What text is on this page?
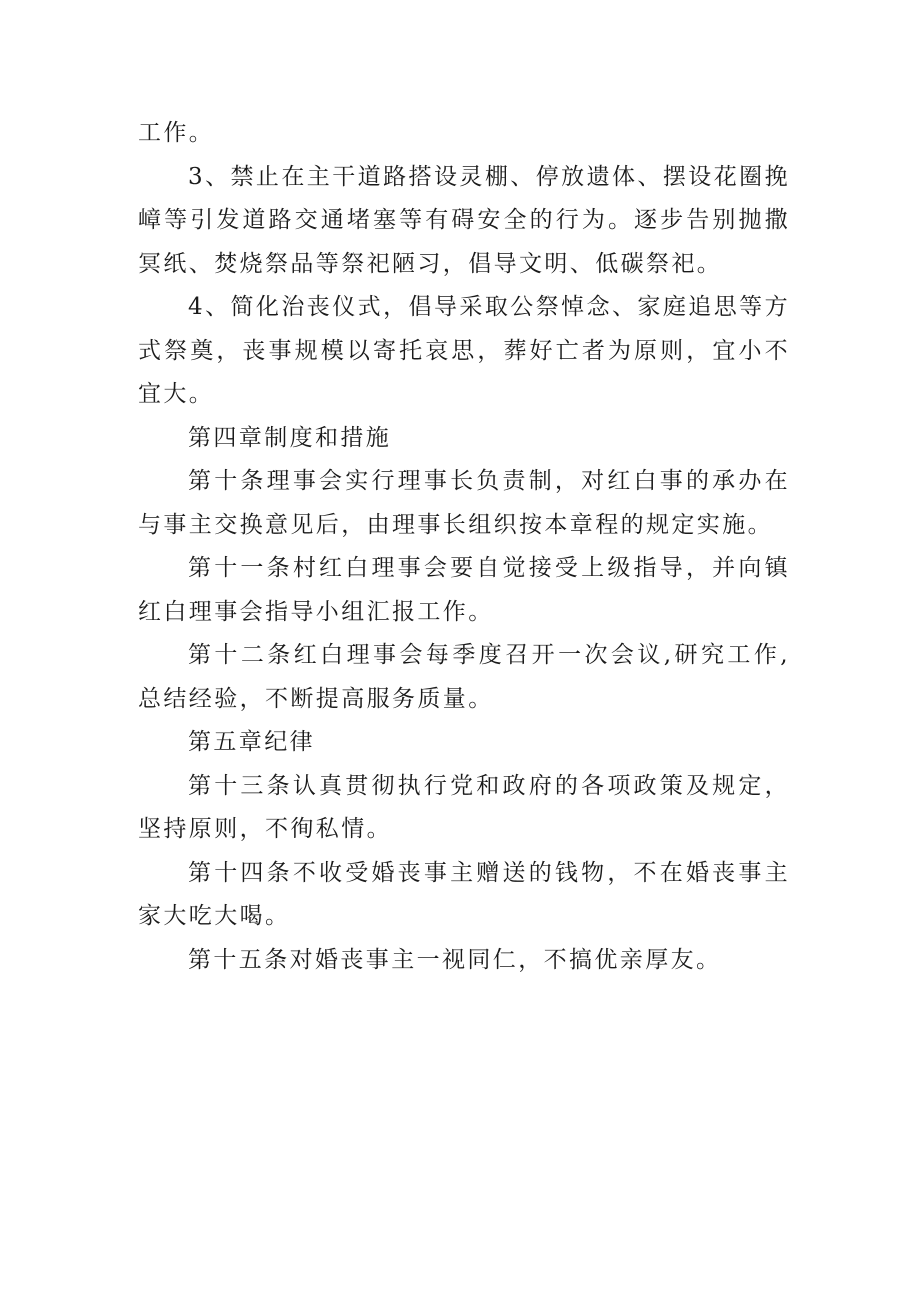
工作。

3、禁止在主干道路搭设灵棚、停放遗体、摆设花圈挽嶂等引发道路交通堵塞等有碍安全的行为。逐步告别抛撒冥纸、焚烧祭品等祭祀陋习，倡导文明、低碳祭祀。

4、简化治丧仪式，倡导采取公祭悼念、家庭追思等方式祭奠，丧事规模以寄托哀思，葬好亡者为原则，宜小不宜大。

第四章制度和措施

第十条理事会实行理事长负责制，对红白事的承办在与事主交换意见后，由理事长组织按本章程的规定实施。

第十一条村红白理事会要自觉接受上级指导，并向镇红白理事会指导小组汇报工作。

第十二条红白理事会每季度召开一次会议,研究工作,总结经验，不断提高服务质量。

第五章纪律

第十三条认真贯彻执行党和政府的各项政策及规定，坚持原则，不徇私情。

第十四条不收受婚丧事主赠送的钱物，不在婚丧事主家大吃大喝。

第十五条对婚丧事主一视同仁，不搞优亲厚友。
